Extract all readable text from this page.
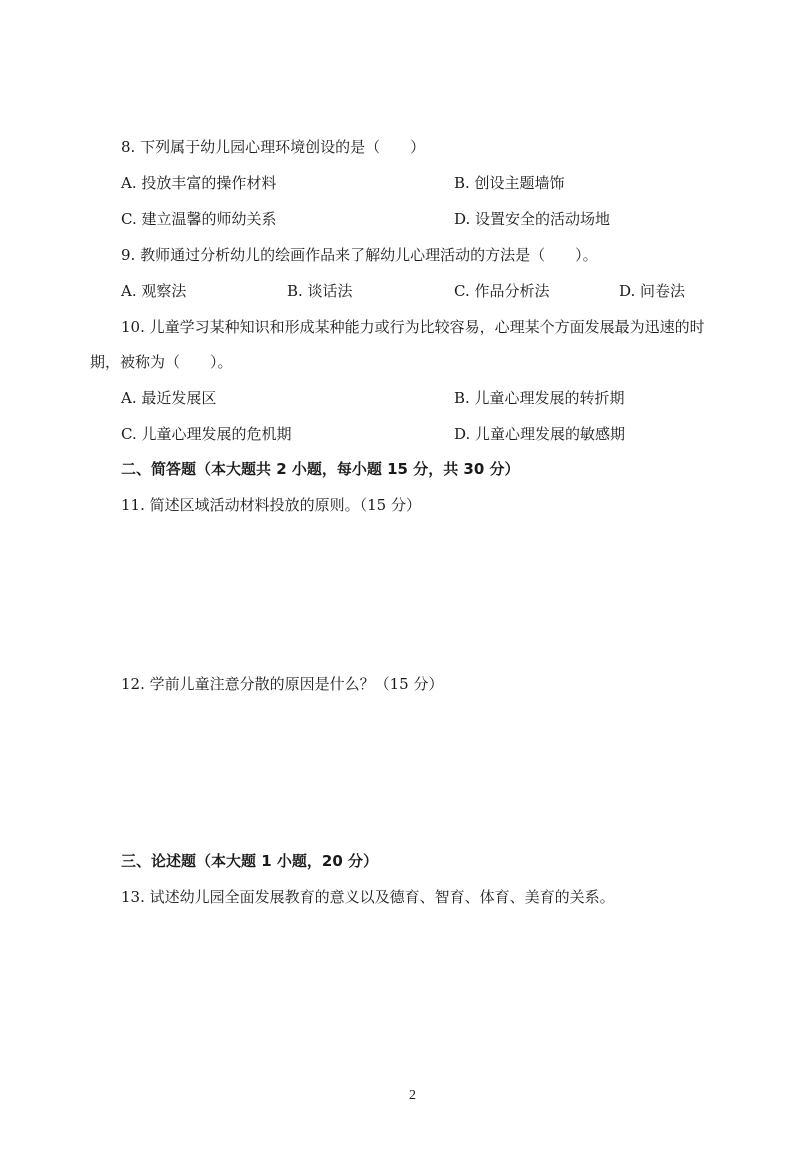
8. 下列属于幼儿园心理环境创设的是（　　）
A. 投放丰富的操作材料	B. 创设主题墙饰
C. 建立温馨的师幼关系	D. 设置安全的活动场地
9. 教师通过分析幼儿的绘画作品来了解幼儿心理活动的方法是（　　）。
A. 观察法	B. 谈话法	C. 作品分析法	D. 问卷法
10. 儿童学习某种知识和形成某种能力或行为比较容易，心理某个方面发展最为迅速的时
期，被称为（　　）。
A. 最近发展区	B. 儿童心理发展的转折期
C. 儿童心理发展的危机期	D. 儿童心理发展的敏感期
二、简答题（本大题共 2 小题，每小题 15 分，共 30 分）
11. 简述区域活动材料投放的原则。（15 分）
12. 学前儿童注意分散的原因是什么？（15 分）
三、论述题（本大题 1 小题，20 分）
13. 试述幼儿园全面发展教育的意义以及德育、智育、体育、美育的关系。
2
